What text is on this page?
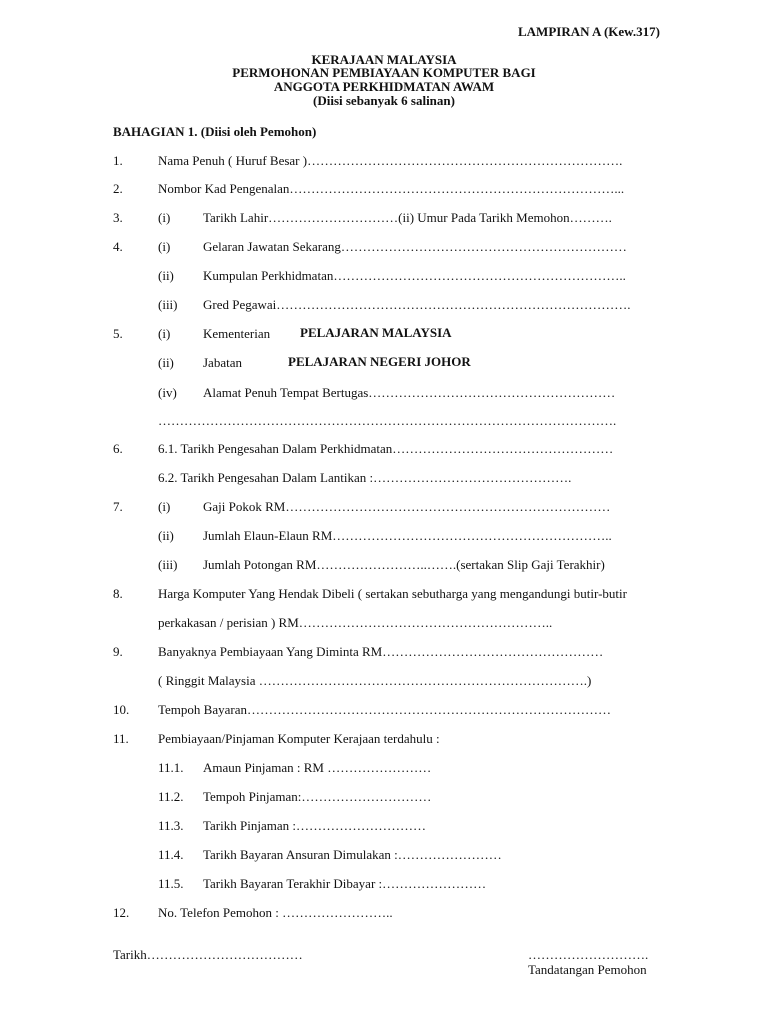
LAMPIRAN A (Kew.317)
KERAJAAN MALAYSIA
PERMOHONAN PEMBIAYAAN KOMPUTER BAGI
ANGGOTA PERKHIDMATAN AWAM
(Diisi sebanyak 6 salinan)
BAHAGIAN 1. (Diisi oleh Pemohon)
1.	Nama Penuh ( Huruf Besar )……………………………………………………………….
2.	Nombor Kad Pengenalan…………………………………………………………………...
3.	(i)	Tarikh Lahir…………………………(ii) Umur Pada Tarikh Memohon……….
4.	(i)	Gelaran Jawatan Sekarang…………………………………………………………
(ii) Kumpulan Perkhidmatan…………………………………………………………..
(iii) Gred Pegawai……………………………………………………………………….
5.	(i)	Kementerian PELAJARAN MALAYSIA
(ii) Jabatan	PELAJARAN NEGERI JOHOR
(iv) Alamat Penuh Tempat Bertugas…………………………………………………
…………………………………………………………………………………………….
6.	6.1. Tarikh Pengesahan Dalam Perkhidmatan……………………………………………
6.2. Tarikh Pengesahan Dalam Lantikan :……………………………………….
7.	(i)	Gaji Pokok RM…………………………………………………………………
(ii) Jumlah Elaun-Elaun RM………………………………………………………..
(iii) Jumlah Potongan RM……………………..…….(sertakan Slip Gaji Terakhir)
8.	Harga Komputer Yang Hendak Dibeli ( sertakan sebutharga yang mengandungi butir-butir
perkakasan / perisian ) RM…………………………………………………..
9.	Banyaknya Pembiayaan Yang Diminta RM……………………………………………
( Ringgit Malaysia ………………………………………………………………….)
10. Tempoh Bayaran…………………………………………………………………………
11. Pembiayaan/Pinjaman Komputer Kerajaan terdahulu :
11.1. Amaun Pinjaman : RM ……………………
11.2. Tempoh Pinjaman:…………………………
11.3. Tarikh Pinjaman :…………………………
11.4. Tarikh Bayaran Ansuran Dimulakan :……………………
11.5. Tarikh Bayaran Terakhir Dibayar :……………………
12. No. Telefon Pemohon : ……………………..
Tarikh………………………………	……………………….
Tandatangan Pemohon
